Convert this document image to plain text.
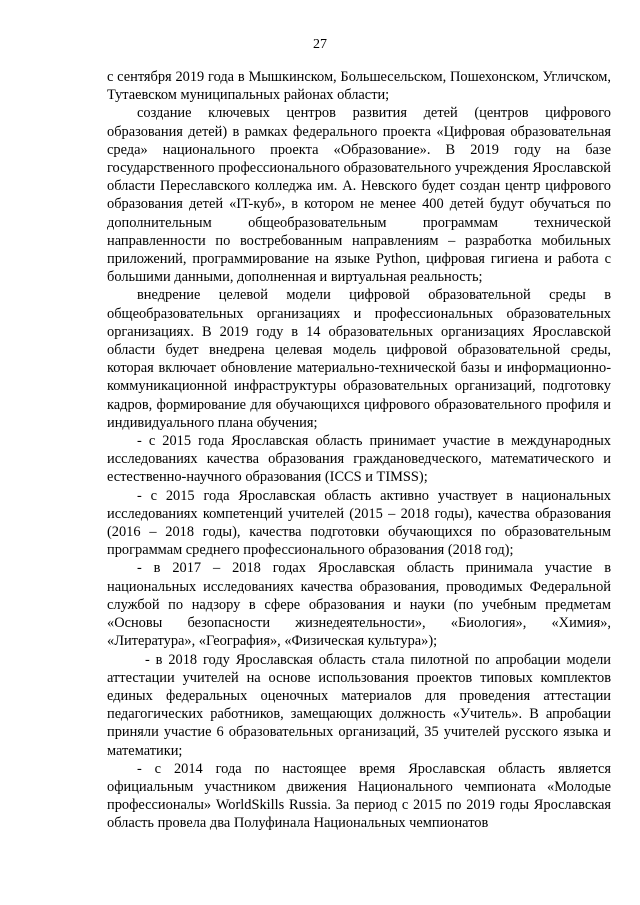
27

с сентября 2019 года в Мышкинском, Большесельском, Пошехонском, Угличском, Тутаевском муниципальных районах области;

создание ключевых центров развития детей (центров цифрового образования детей) в рамках федерального проекта «Цифровая образовательная среда» национального проекта «Образование». В 2019 году на базе государственного профессионального образовательного учреждения Ярославской области Переславского колледжа им. А. Невского будет создан центр цифрового образования детей «IT-куб», в котором не менее 400 детей будут обучаться по дополнительным общеобразовательным программам технической направленности по востребованным направлениям – разработка мобильных приложений, программирование на языке Python, цифровая гигиена и работа с большими данными, дополненная и виртуальная реальность;

внедрение целевой модели цифровой образовательной среды в общеобразовательных организациях и профессиональных образовательных организациях. В 2019 году в 14 образовательных организациях Ярославской области будет внедрена целевая модель цифровой образовательной среды, которая включает обновление материально-технической базы и информационно-коммуникационной инфраструктуры образовательных организаций, подготовку кадров, формирование для обучающихся цифрового образовательного профиля и индивидуального плана обучения;

- с 2015 года Ярославская область принимает участие в международных исследованиях качества образования граждановедческого, математического и естественно-научного образования (ICCS и TIMSS);

- с 2015 года Ярославская область активно участвует в национальных исследованиях компетенций учителей (2015 – 2018 годы), качества образования (2016 – 2018 годы), качества подготовки обучающихся по образовательным программам среднего профессионального образования (2018 год);

- в 2017 – 2018 годах Ярославская область принимала участие в национальных исследованиях качества образования, проводимых Федеральной службой по надзору в сфере образования и науки (по учебным предметам «Основы безопасности жизнедеятельности», «Биология», «Химия», «Литература», «География», «Физическая культура»);

- в 2018 году Ярославская область стала пилотной по апробации модели аттестации учителей на основе использования проектов типовых комплектов единых федеральных оценочных материалов для проведения аттестации педагогических работников, замещающих должность «Учитель». В апробации приняли участие 6 образовательных организаций, 35 учителей русского языка и математики;

- с 2014 года по настоящее время Ярославская область является официальным участником движения Национального чемпионата «Молодые профессионалы» WorldSkills Russia. За период с 2015 по 2019 годы Ярославская область провела два Полуфинала Национальных чемпионатов
